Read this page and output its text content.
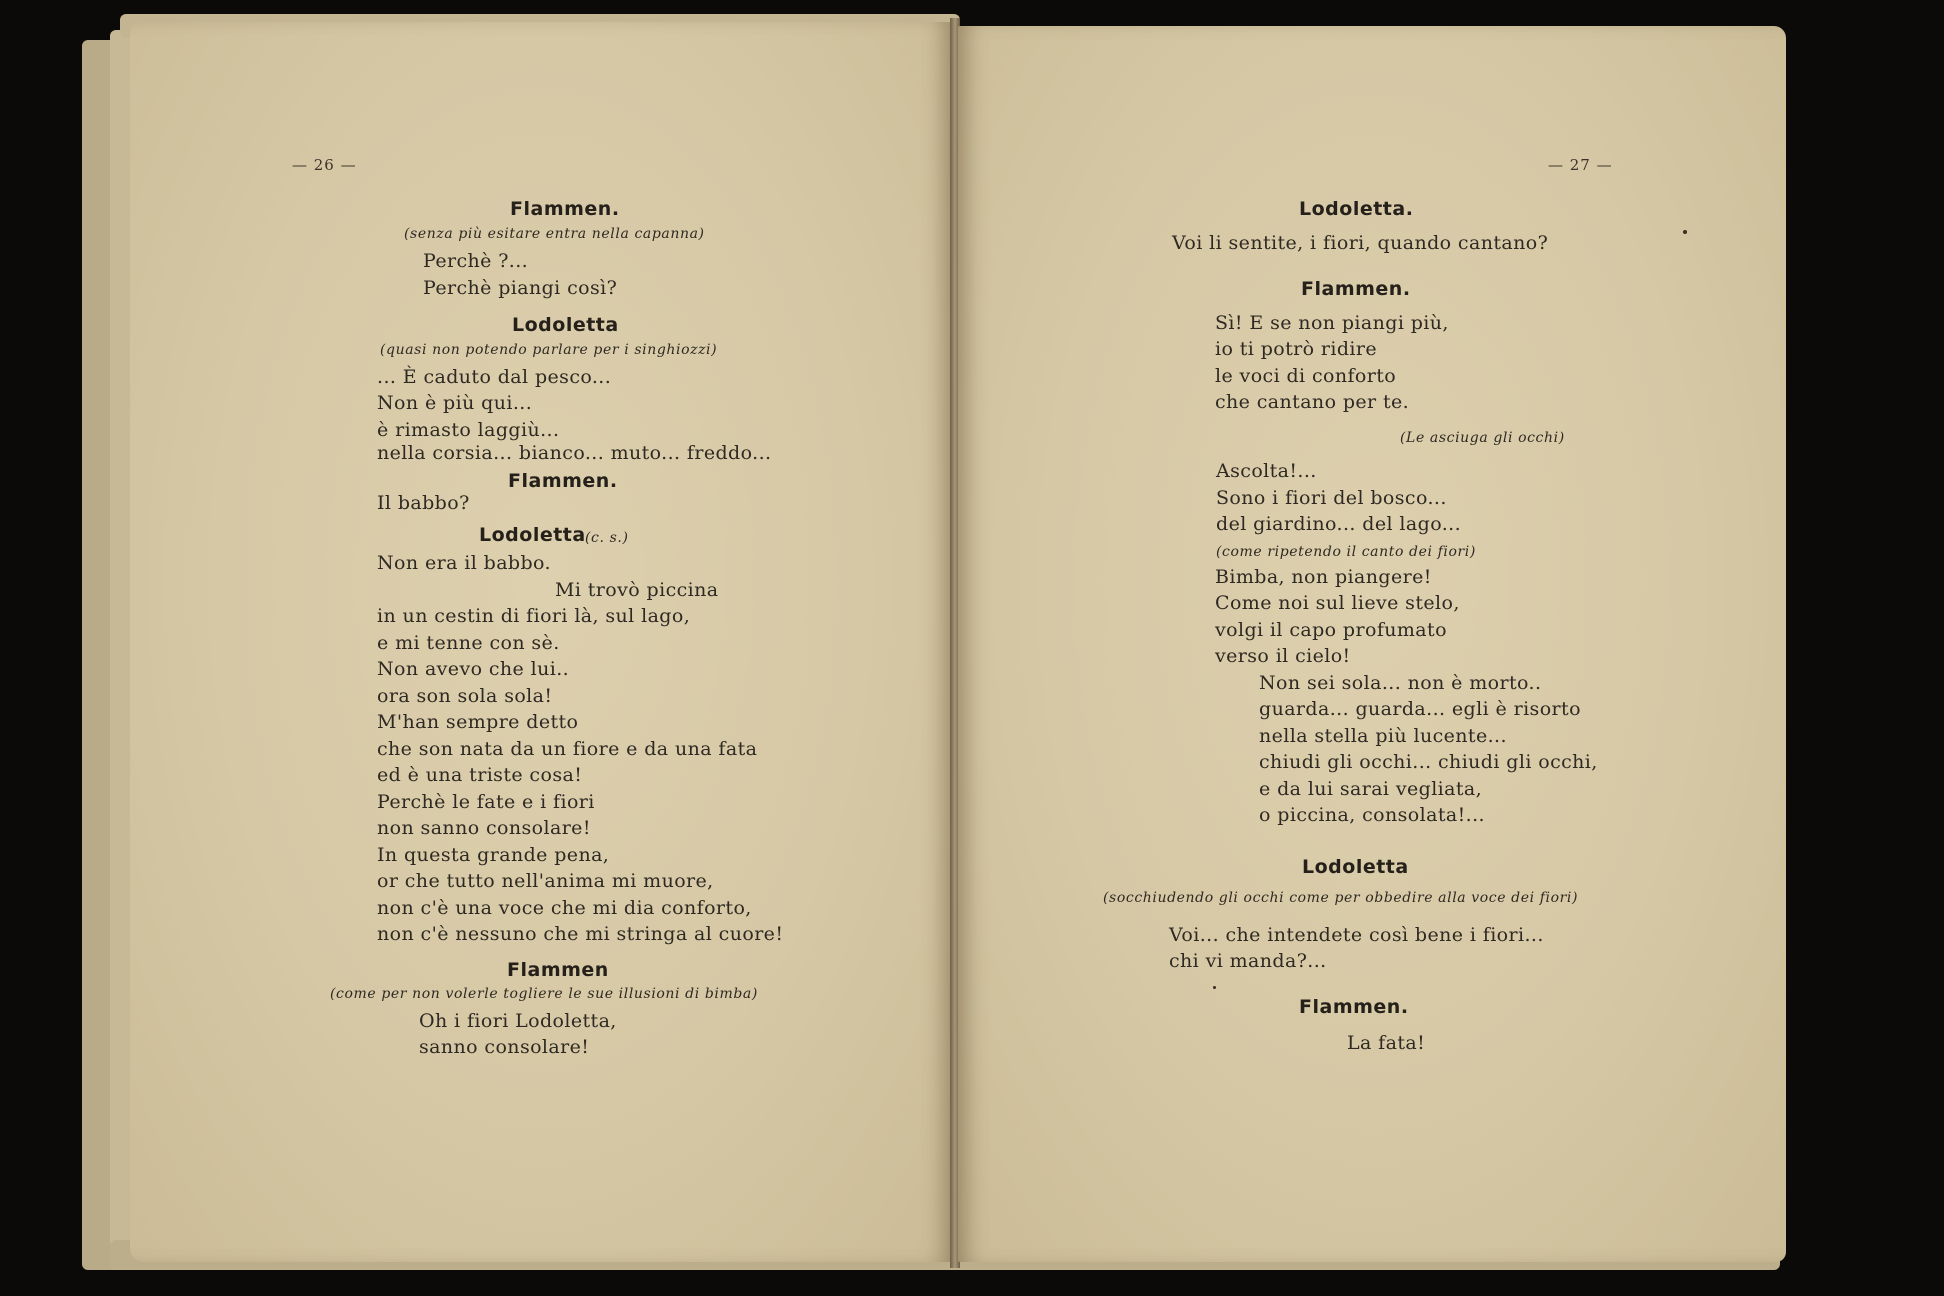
— 26 —
Flammen.
(senza più esitare entra nella capanna)
Perchè ?...
Perchè piangi così?
Lodoletta
(quasi non potendo parlare per i singhiozzi)
... È caduto dal pesco...
Non è più qui...
è rimasto laggiù...
nella corsia... bianco... muto... freddo...
Flammen.
Il babbo?
Lodoletta (c. s.)
Non era il babbo.
Mi trovò piccina
in un cestin di fiori là, sul lago,
e mi tenne con sè.
Non avevo che lui..
ora son sola sola!
M'han sempre detto
che son nata da un fiore e da una fata
ed è una triste cosa!
Perchè le fate e i fiori
non sanno consolare!
In questa grande pena,
or che tutto nell'anima mi muore,
non c'è una voce che mi dia conforto,
non c'è nessuno che mi stringa al cuore!
Flammen
(come per non volerle togliere le sue illusioni di bimba)
Oh i fiori Lodoletta,
sanno consolare!
— 27 —
Lodoletta.
Voi li sentite, i fiori, quando cantano?
Flammen.
Sì! E se non piangi più,
io ti potrò ridire
le voci di conforto
che cantano per te.
(Le asciuga gli occhi)
Ascolta!...
Sono i fiori del bosco...
del giardino... del lago...
(come ripetendo il canto dei fiori)
Bimba, non piangere!
Come noi sul lieve stelo,
volgi il capo profumato
verso il cielo!
Non sei sola... non è morto..
guarda... guarda... egli è risorto
nella stella più lucente...
chiudi gli occhi... chiudi gli occhi,
e da lui sarai vegliata,
o piccina, consolata!...
Lodoletta
(socchiudendo gli occhi come per obbedire alla voce dei fiori)
Voi... che intendete così bene i fiori...
chi vi manda?...
Flammen.
La fata!
